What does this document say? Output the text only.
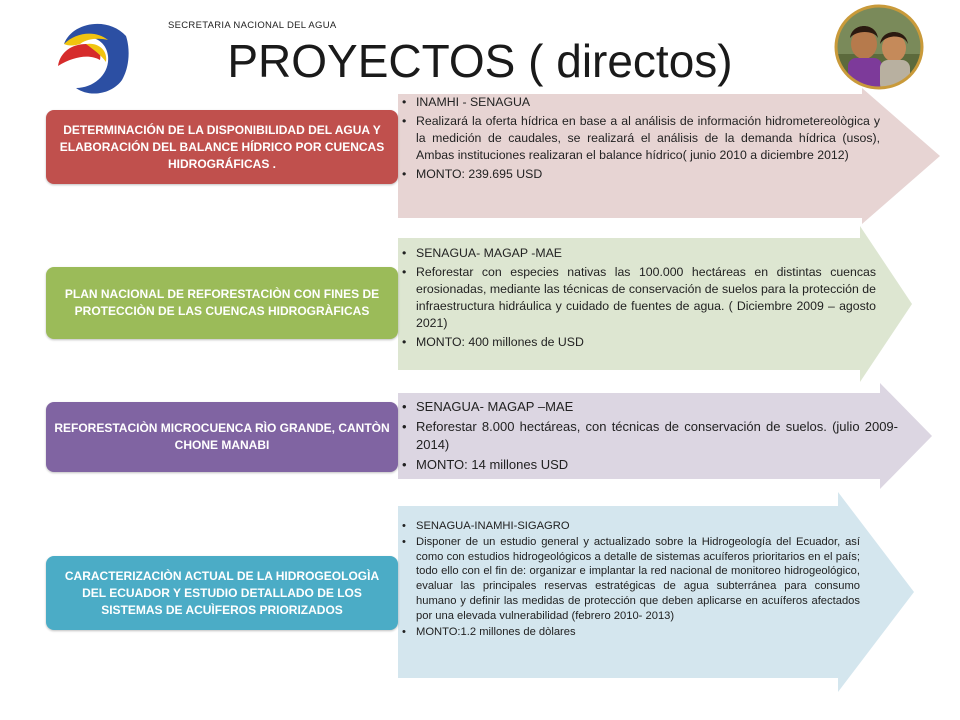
SECRETARIA NACIONAL DEL AGUA
PROYECTOS ( directos)
DETERMINACIÓN DE LA DISPONIBILIDAD DEL AGUA Y ELABORACIÓN DEL BALANCE HÍDRICO POR CUENCAS HIDROGRÁFICAS .
PLAN NACIONAL DE REFORESTACIÒN CON FINES DE PROTECCIÒN DE LAS CUENCAS HIDROGRÀFICAS
REFORESTACIÒN MICROCUENCA RÌO GRANDE, CANTÒN CHONE MANABI
CARACTERIZACIÒN ACTUAL DE LA HIDROGEOLOGÌA DEL ECUADOR Y ESTUDIO DETALLADO DE LOS SISTEMAS DE ACUÌFEROS PRIORIZADOS
• INAMHI - SENAGUA
• Realizará la oferta hídrica en base a al análisis de información hidrometereològica y la medición de caudales, se realizará el análisis de la demanda hídrica (usos), Ambas instituciones realizaran el balance hídrico( junio 2010 a diciembre 2012)
• MONTO: 239.695 USD
• SENAGUA- MAGAP -MAE
• Reforestar con especies nativas las 100.000 hectáreas en distintas cuencas erosionadas, mediante las técnicas de conservación de suelos para la protección de infraestructura hidráulica y cuidado de fuentes de agua. ( Diciembre 2009 – agosto 2021)
• MONTO: 400 millones de USD
• SENAGUA- MAGAP –MAE
• Reforestar 8.000 hectáreas, con técnicas de conservación de suelos. (julio 2009- 2014)
• MONTO: 14 millones USD
• SENAGUA-INAMHI-SIGAGRO
• Disponer de un estudio general y actualizado sobre la Hidrogeología del Ecuador, así como con estudios hidrogeológicos a detalle de sistemas acuíferos prioritarios en el país; todo ello con el fin de: organizar e implantar la red nacional de monitoreo hidrogeológico, evaluar las principales reservas estratégicas de agua subterránea para consumo humano y definir las medidas de protección que deben aplicarse en acuíferos afectados por una elevada vulnerabilidad (febrero 2010- 2013)
• MONTO:1.2 millones de dòlares
